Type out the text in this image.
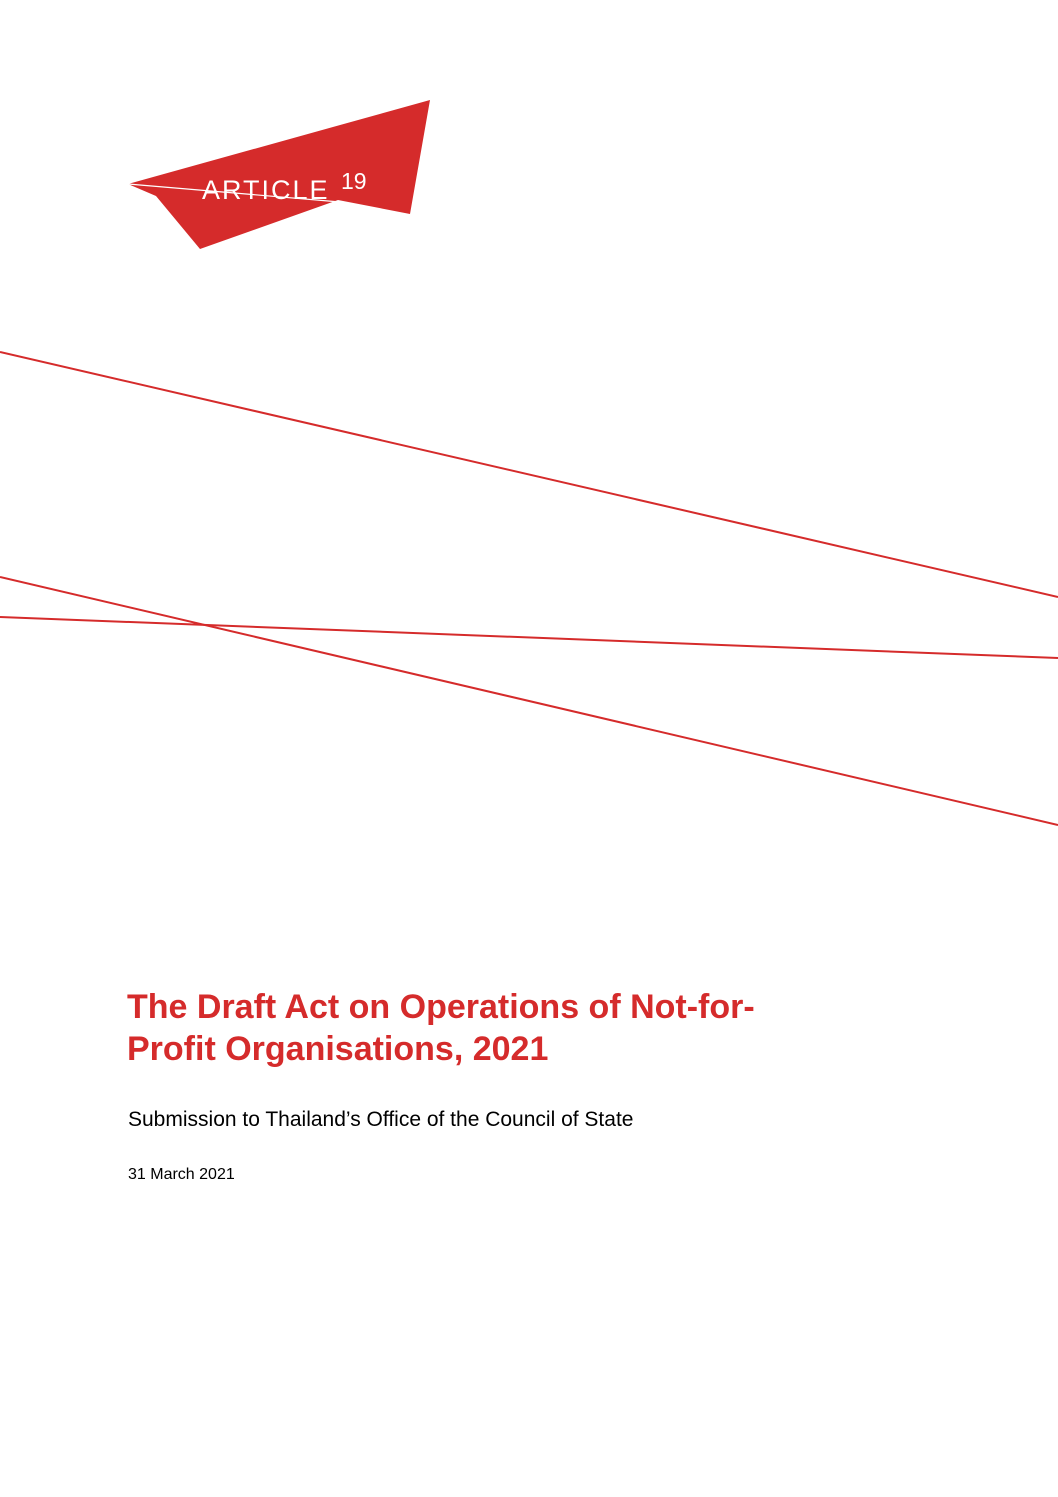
ARTICLE 19
The Draft Act on Operations of Not-for-
Profit Organisations, 2021

Submission to Thailand’s Office of the Council of State

31 March 2021
